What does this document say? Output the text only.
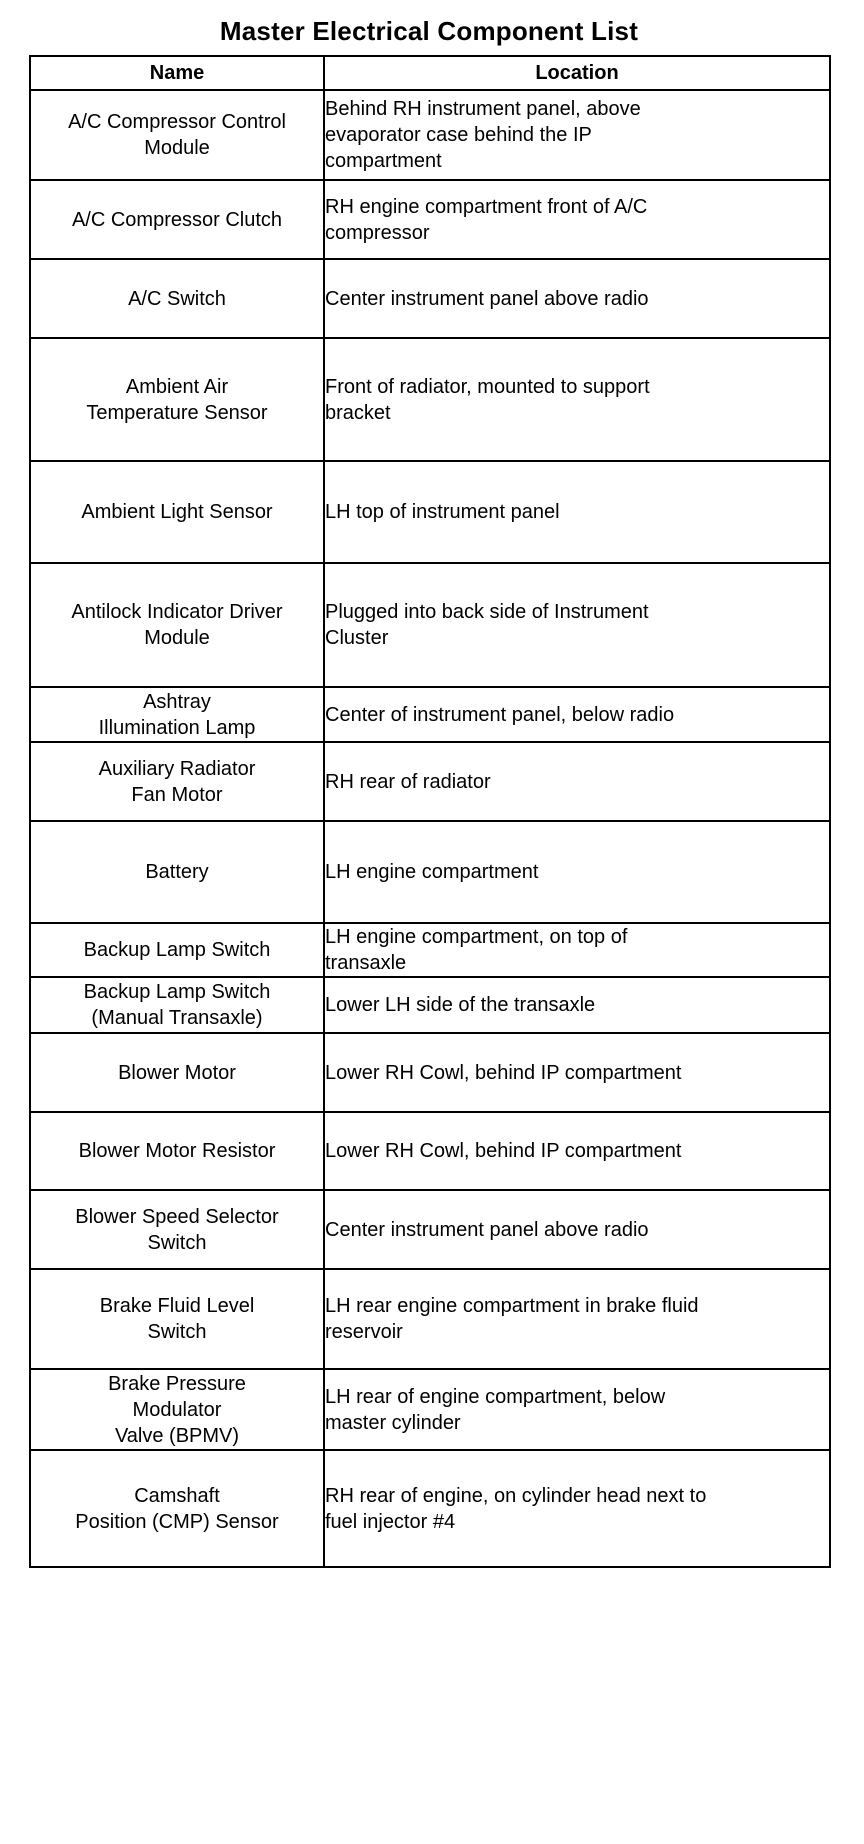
Master Electrical Component List
Name	Location

A/C Compressor Control
Module	Behind RH instrument panel, above
evaporator case behind the IP
compartment

A/C Compressor Clutch	RH engine compartment front of A/C
compressor

A/C Switch	Center instrument panel above radio

Ambient Air
Temperature Sensor	Front of radiator, mounted to support
bracket

Ambient Light Sensor	LH top of instrument panel

Antilock Indicator Driver
Module	Plugged into back side of Instrument
Cluster

Ashtray
Illumination Lamp	Center of instrument panel, below radio

Auxiliary Radiator
Fan Motor	RH rear of radiator

Battery	LH engine compartment

Backup Lamp Switch	LH engine compartment, on top of
transaxle

Backup Lamp Switch
(Manual Transaxle)	Lower LH side of the transaxle

Blower Motor	Lower RH Cowl, behind IP compartment

Blower Motor Resistor	Lower RH Cowl, behind IP compartment

Blower Speed Selector
Switch	Center instrument panel above radio

Brake Fluid Level
Switch	LH rear engine compartment in brake fluid
reservoir

Brake Pressure
Modulator
Valve (BPMV)	LH rear of engine compartment, below
master cylinder

Camshaft
Position (CMP) Sensor	RH rear of engine, on cylinder head next to
fuel injector #4
